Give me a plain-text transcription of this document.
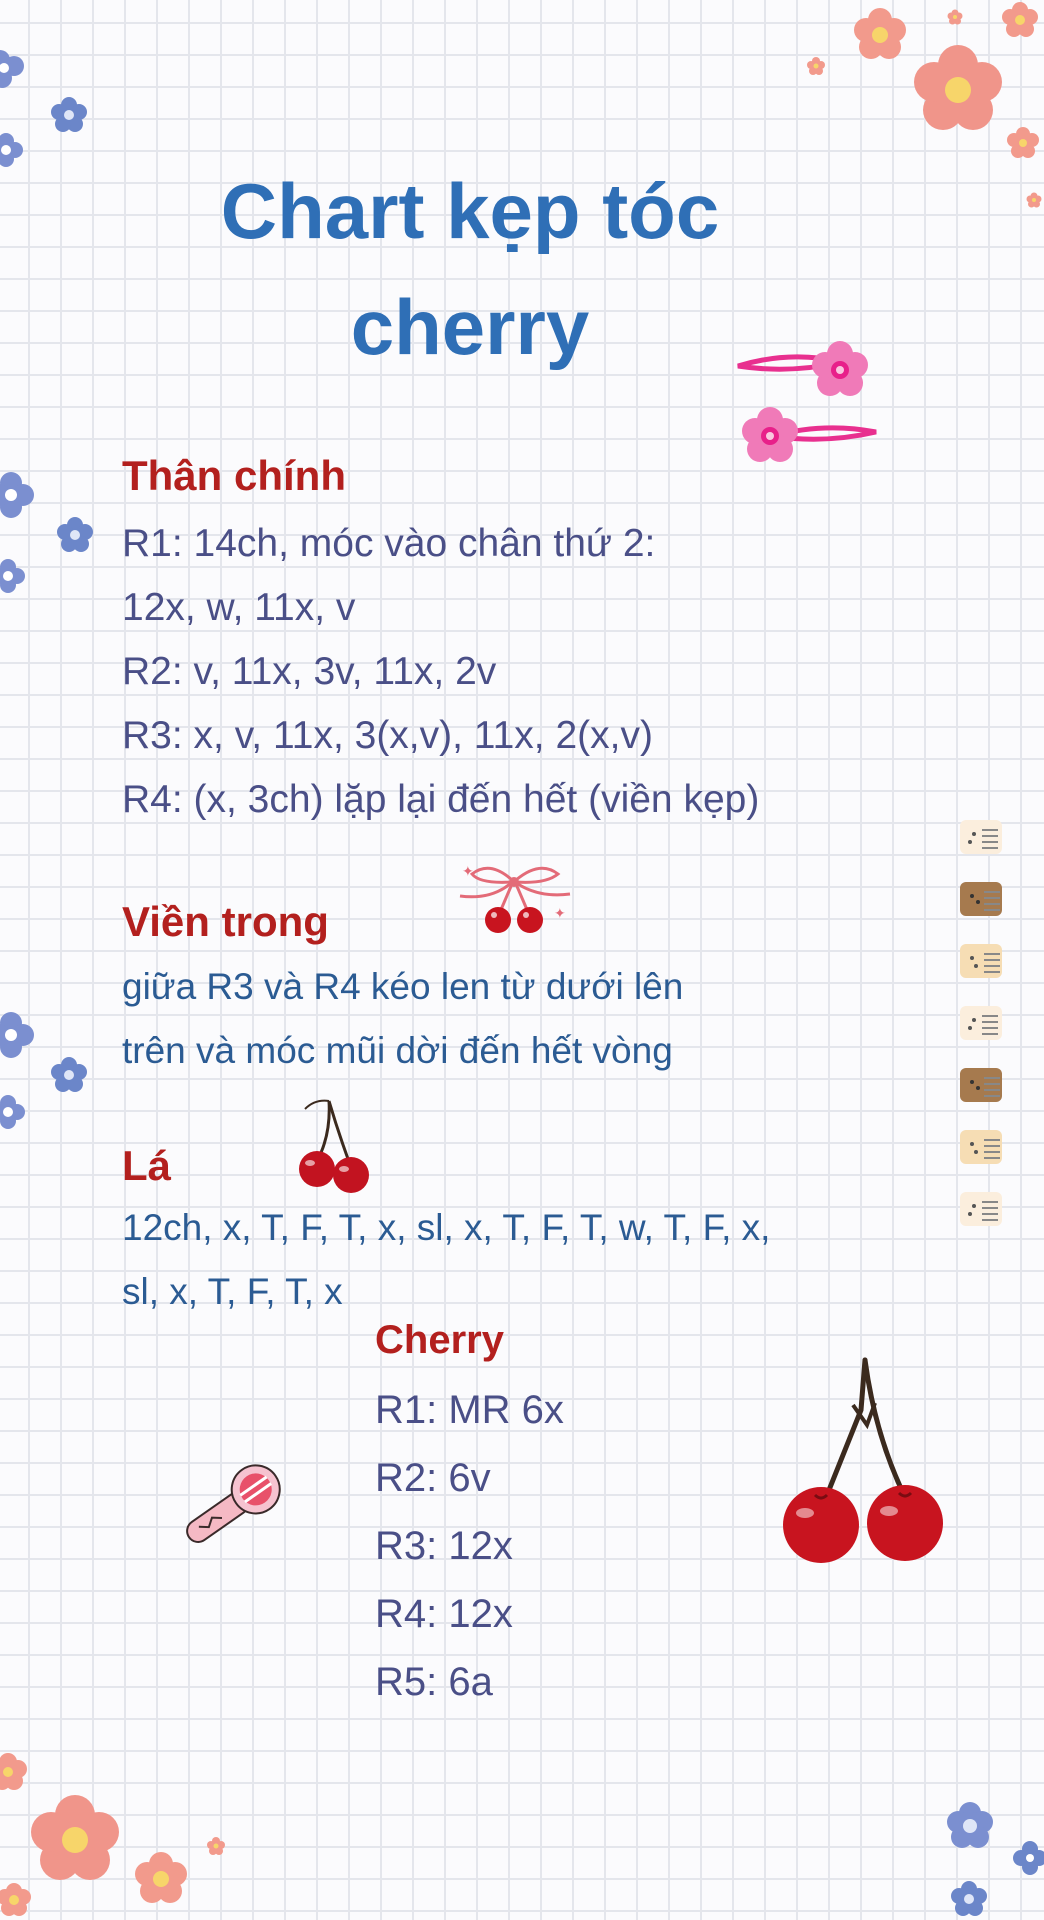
Chart kẹp tóc
cherry
Thân chính
R1: 14ch, móc vào chân thứ 2:
12x, w, 11x, v
R2: v, 11x, 3v, 11x, 2v
R3: x, v, 11x, 3(x,v), 11x, 2(x,v)
R4: (x, 3ch) lặp lại đến hết (viền kẹp)
✦
✦
Viền trong
giữa R3 và R4 kéo len từ dưới lên
trên và móc mũi dời đến hết vòng
Lá
12ch, x, T, F, T, x, sl, x, T, F, T, w, T, F, x,
sl, x, T, F, T, x
Cherry
R1: MR 6x
R2: 6v
R3: 12x
R4: 12x
R5: 6a
